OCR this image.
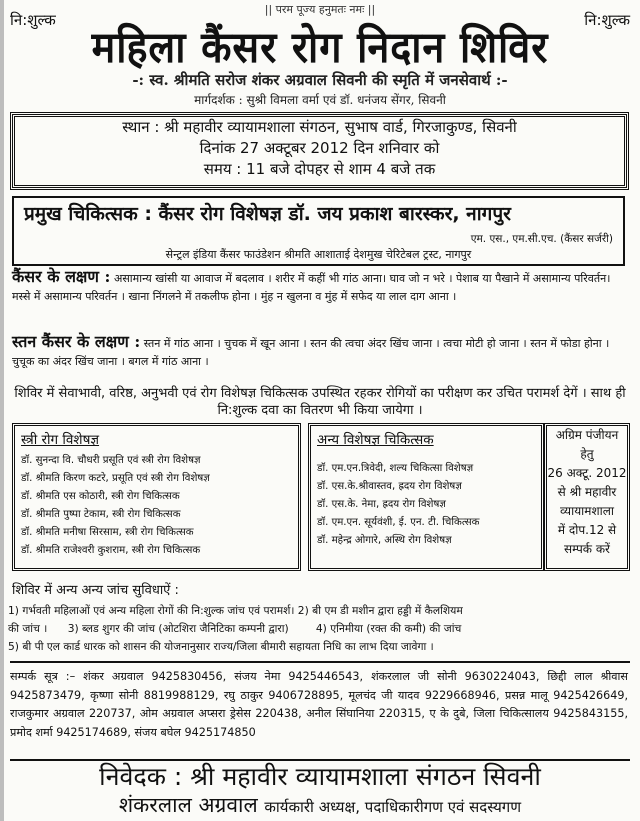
|| परम पूज्य हनुमतः नमः ||
नि:शुल्क	नि:शुल्क
महिला कैंसर रोग निदान शिविर
-: स्व. श्रीमति सरोज शंकर अग्रवाल सिवनी की स्मृति में जनसेवार्थ :-
मार्गदर्शक : सुश्री विमला वर्मा एवं डॉ. धनंजय सेंगर, सिवनी
स्थान : श्री महावीर व्यायामशाला संगठन, सुभाष वार्ड, गिरजाकुण्ड, सिवनी
दिनांक 27 अक्टूबर 2012 दिन शनिवार को
समय : 11 बजे दोपहर से शाम 4 बजे तक
प्रमुख चिकित्सक : कैंसर रोग विशेषज्ञ डॉ. जय प्रकाश बारस्कर, नागपुर
एम. एस., एम.सी.एच. (कैंसर सर्जरी)
सेन्ट्रल इंडिया कैंसर फाउंडेशन श्रीमति आशाताई देशमुख चेरिटेबल ट्रस्ट, नागपुर
कैंसर के लक्षण : असामान्य खांसी या आवाज में बदलाव । शरीर में कहीं भी गांठ आना। घाव जो न भरे । पेशाब या पैखाने में असामान्य परिवर्तन। मस्से में असामान्य परिवर्तन । खाना निंगलने में तकलीफ होना । मुंह न खुलना व मुंह में सफेद या लाल दाग आना ।
स्तन कैंसर के लक्षण : स्तन में गांठ आना । चुचक में खून आना । स्तन की त्वचा अंदर खिंच जाना । त्वचा मोटी हो जाना । स्तन में फोडा होना । चुचूक का अंदर खिंच जाना । बगल में गांठ आना ।
शिविर में सेवाभावी, वरिष्ठ, अनुभवी एवं रोग विशेषज्ञ चिकित्सक उपस्थित रहकर रोगियों का परीक्षण कर उचित परामर्श देगें । साथ ही नि:शुल्क दवा का वितरण भी किया जायेगा ।
स्त्री रोग विशेषज्ञ
डॉ. सुनन्दा वि. चौधरी प्रसूति एवं स्त्री रोग विशेषज्ञ
डॉ. श्रीमति किरण कटरे, प्रसूति एवं स्त्री रोग विशेषज्ञ
डॉ. श्रीमति एस कोठारी, स्त्री रोग चिकित्सक
डॉ. श्रीमति पुष्पा टेकाम, स्त्री रोग चिकित्सक
डॉ. श्रीमति मनीषा सिरसाम, स्त्री रोग चिकित्सक
डॉ. श्रीमति राजेश्वरी कुशराम, स्त्री रोग चिकित्सक
अन्य विशेषज्ञ चिकित्सक
डॉ. एम.एन.त्रिवेदी, शल्य चिकित्सा विशेषज्ञ
डॉ. एस.के.श्रीवास्तव, ह्रदय रोग विशेषज्ञ
डॉ. एस.के. नेमा, ह्रदय रोग विशेषज्ञ
डॉ. एम.एन. सूर्यवंशी, ई. एन. टी. चिकित्सक
डॉ. महेन्द्र ओगारे, अस्थि रोग विशेषज्ञ
अग्रिम पंजीयन
हेतु
26 अक्टू. 2012
से श्री महावीर
व्यायामशाला
में दोप.12 से
सम्पर्क करें
शिविर में अन्य अन्य जांच सुविधाऐं :
1) गर्भवती महिलाओं एवं अन्य महिला रोगों की नि:शुल्क जांच एवं परामर्श। 2) बी एम डी मशीन द्वारा हड्डी में कैलशियम
की जांच ।      3) ब्लड शुगर की जांच (ओटशिरा जैनिटिका कम्पनी द्वारा)        4) एनिमीया (रक्त की कमी) की जांच
5) बी पी एल कार्ड धारक को शासन की योजनानुसार राज्य/जिला बीमारी सहायता निधि का लाभ दिया जावेगा ।
सम्पर्क सूत्र :– शंकर अग्रवाल 9425830456, संजय नेमा 9425446543, शंकरलाल जी सोनी 9630224043, छिद्दी लाल श्रीवास 9425873479, कृष्णा सोनी 8819988129, रघु ठाकुर 9406728895, मूलचंद जी यादव 9229668946, प्रसन्न मालू 9425426649, राजकुमार अग्रवाल 220737, ओम अग्रवाल अप्सरा ड्रेसेस 220438, अनील सिंघानिया 220315, ए के दुबे, जिला चिकित्सालय 9425843155, प्रमोद शर्मा 9425174689, संजय बघेल 9425174850
निवेदक : श्री महावीर व्यायामशाला संगठन सिवनी
शंकरलाल अग्रवाल कार्यकारी अध्यक्ष, पदाधिकारीगण एवं सदस्यगण
